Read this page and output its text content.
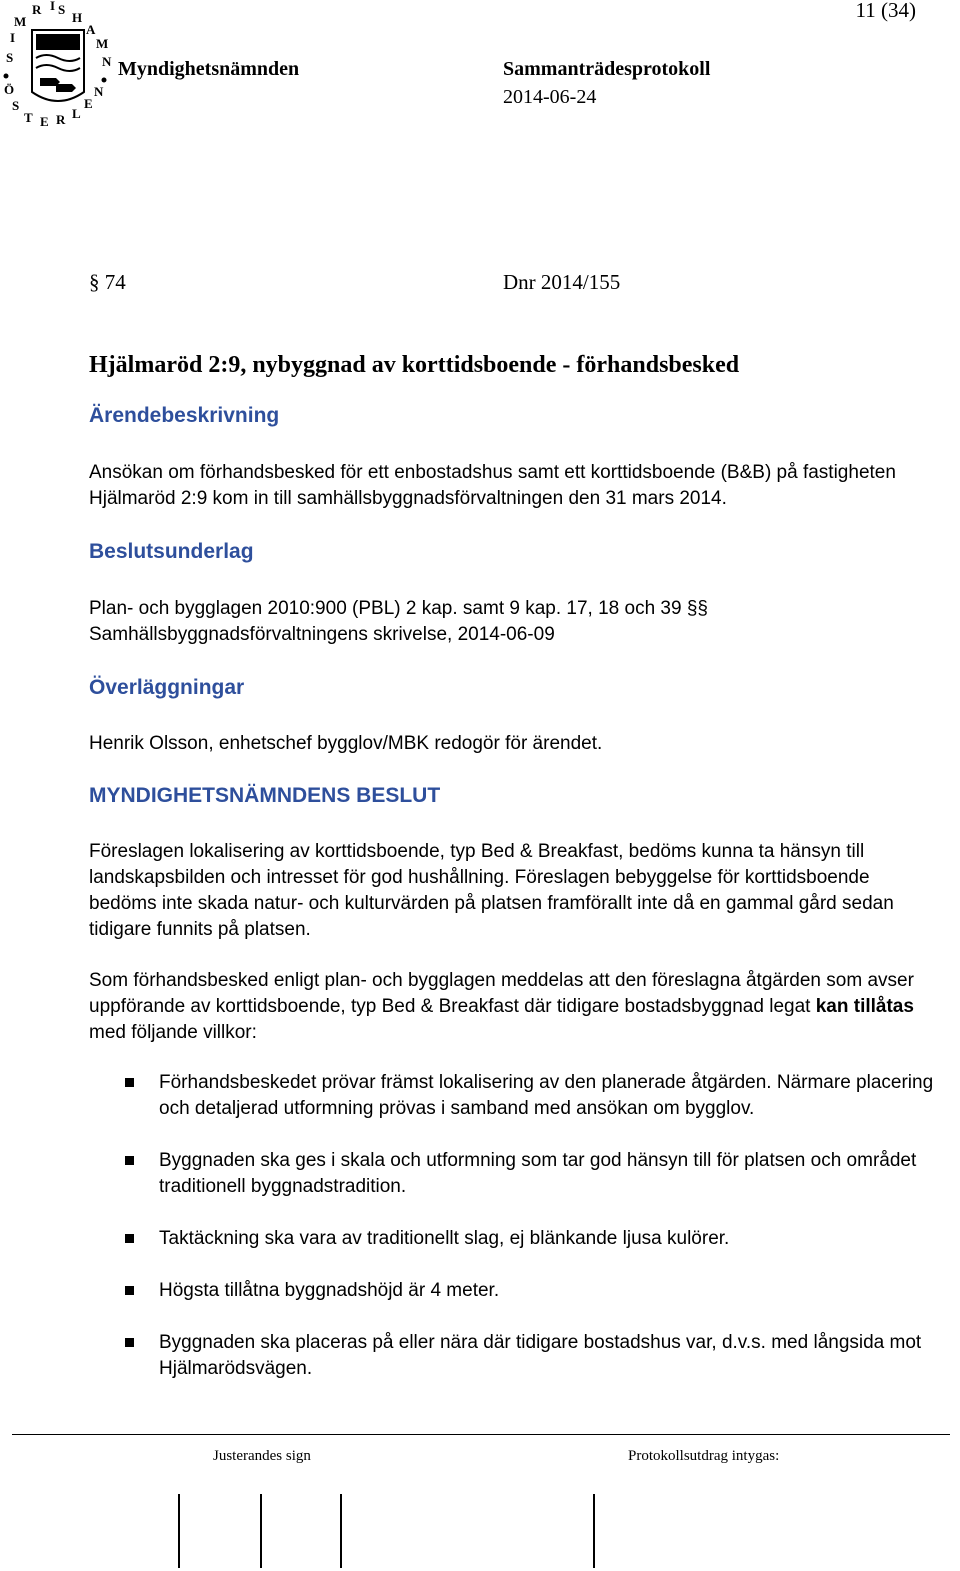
11 (34)
S
I
M
R I S
H
A
M
N
Ö
S
T E R L
E
N
Myndighetsnämnden	Sammanträdesprotokoll
2014-06-24
§ 74	Dnr 2014/155
Hjälmaröd 2:9, nybyggnad av korttidsboende - förhandsbesked
Ärendebeskrivning
Ansökan om förhandsbesked för ett enbostadshus samt ett korttidsboende (B&B) på fastigheten Hjälmaröd 2:9 kom in till samhällsbyggnadsförvaltningen den 31 mars 2014.
Beslutsunderlag
Plan- och bygglagen 2010:900 (PBL) 2 kap. samt 9 kap. 17, 18 och 39 §§
Samhällsbyggnadsförvaltningens skrivelse, 2014-06-09
Överläggningar
Henrik Olsson, enhetschef bygglov/MBK redogör för ärendet.
MYNDIGHETSNÄMNDENS BESLUT
Föreslagen lokalisering av korttidsboende, typ Bed & Breakfast, bedöms kunna ta hänsyn till landskapsbilden och intresset för god hushållning. Föreslagen bebyggelse för korttidsboende bedöms inte skada natur- och kulturvärden på platsen framförallt inte då en gammal gård sedan tidigare funnits på platsen.
Som förhandsbesked enligt plan- och bygglagen meddelas att den föreslagna åtgärden som avser uppförande av korttidsboende, typ Bed & Breakfast där tidigare bostadsbyggnad legat kan tillåtas med följande villkor:
Förhandsbeskedet prövar främst lokalisering av den planerade åtgärden. Närmare placering och detaljerad utformning prövas i samband med ansökan om bygglov.
Byggnaden ska ges i skala och utformning som tar god hänsyn till för platsen och området traditionell byggnadstradition.
Taktäckning ska vara av traditionellt slag, ej blänkande ljusa kulörer.
Högsta tillåtna byggnadshöjd är 4 meter.
Byggnaden ska placeras på eller nära där tidigare bostadshus var, d.v.s. med långsida mot Hjälmarödsvägen.
Justerandes sign	Protokollsutdrag intygas:
